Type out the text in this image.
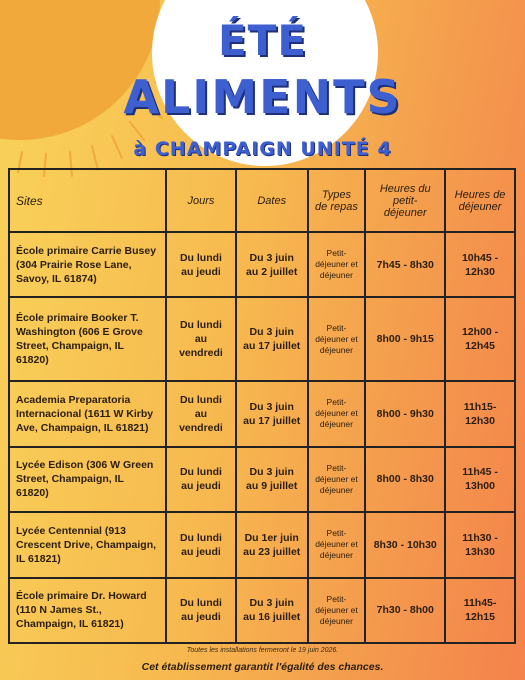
ÉTÉ
ALIMENTS
à CHAMPAIGN UNITÉ 4
Sites	Jours	Dates	Types de repas	Heures du petit-déjeuner	Heures de déjeuner
École primaire Carrie Busey (304 Prairie Rose Lane, Savoy, IL 61874)	Du lundi au jeudi	Du 3 juin au 2 juillet	Petit-déjeuner et déjeuner	7h45 - 8h30	10h45 - 12h30
École primaire Booker T. Washington (606 E Grove Street, Champaign, IL 61820)	Du lundi au vendredi	Du 3 juin au 17 juillet	Petit-déjeuner et déjeuner	8h00 - 9h15	12h00 - 12h45
Academia Preparatoria Internacional (1611 W Kirby Ave, Champaign, IL 61821)	Du lundi au vendredi	Du 3 juin au 17 juillet	Petit-déjeuner et déjeuner	8h00 - 9h30	11h15- 12h30
Lycée Edison (306 W Green Street, Champaign, IL 61820)	Du lundi au jeudi	Du 3 juin au 9 juillet	Petit-déjeuner et déjeuner	8h00 - 8h30	11h45 - 13h00
Lycée Centennial (913 Crescent Drive, Champaign, IL 61821)	Du lundi au jeudi	Du 1er juin au 23 juillet	Petit-déjeuner et déjeuner	8h30 - 10h30	11h30 - 13h30
École primaire Dr. Howard (110 N James St., Champaign, IL 61821)	Du lundi au jeudi	Du 3 juin au 16 juillet	Petit-déjeuner et déjeuner	7h30 - 8h00	11h45- 12h15
Toutes les installations fermeront le 19 juin 2026.
Cet établissement garantit l'égalité des chances.
